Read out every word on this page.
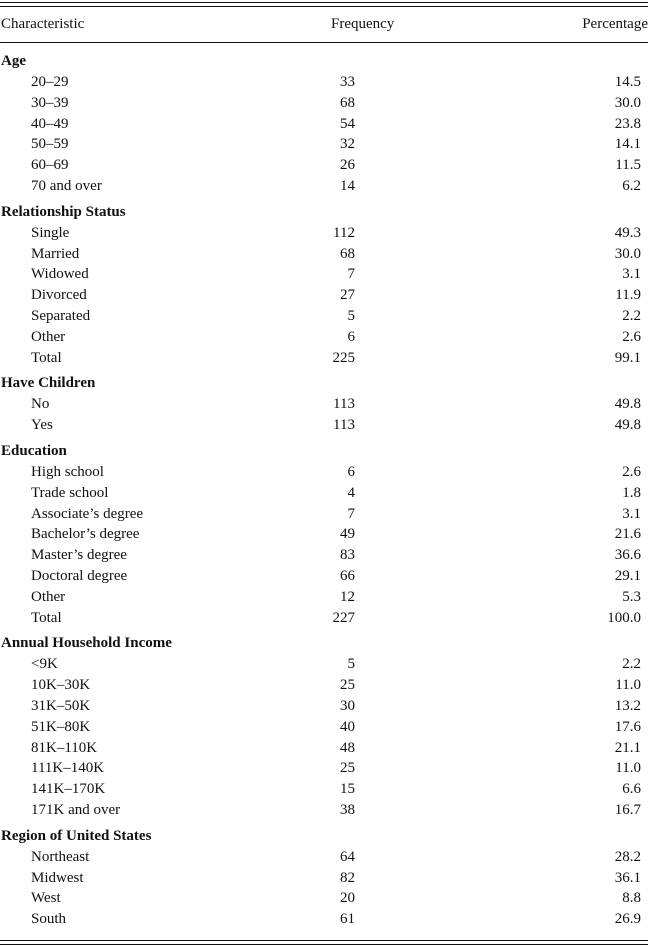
Characteristic	Frequency	Percentage
Age
20–29	33	14.5
30–39	68	30.0
40–49	54	23.8
50–59	32	14.1
60–69	26	11.5
70 and over	14	6.2
Relationship Status
Single	112	49.3
Married	68	30.0
Widowed	7	3.1
Divorced	27	11.9
Separated	5	2.2
Other	6	2.6
Total	225	99.1
Have Children
No	113	49.8
Yes	113	49.8
Education
High school	6	2.6
Trade school	4	1.8
Associate’s degree	7	3.1
Bachelor’s degree	49	21.6
Master’s degree	83	36.6
Doctoral degree	66	29.1
Other	12	5.3
Total	227	100.0
Annual Household Income
<9K	5	2.2
10K–30K	25	11.0
31K–50K	30	13.2
51K–80K	40	17.6
81K–110K	48	21.1
111K–140K	25	11.0
141K–170K	15	6.6
171K and over	38	16.7
Region of United States
Northeast	64	28.2
Midwest	82	36.1
West	20	8.8
South	61	26.9
